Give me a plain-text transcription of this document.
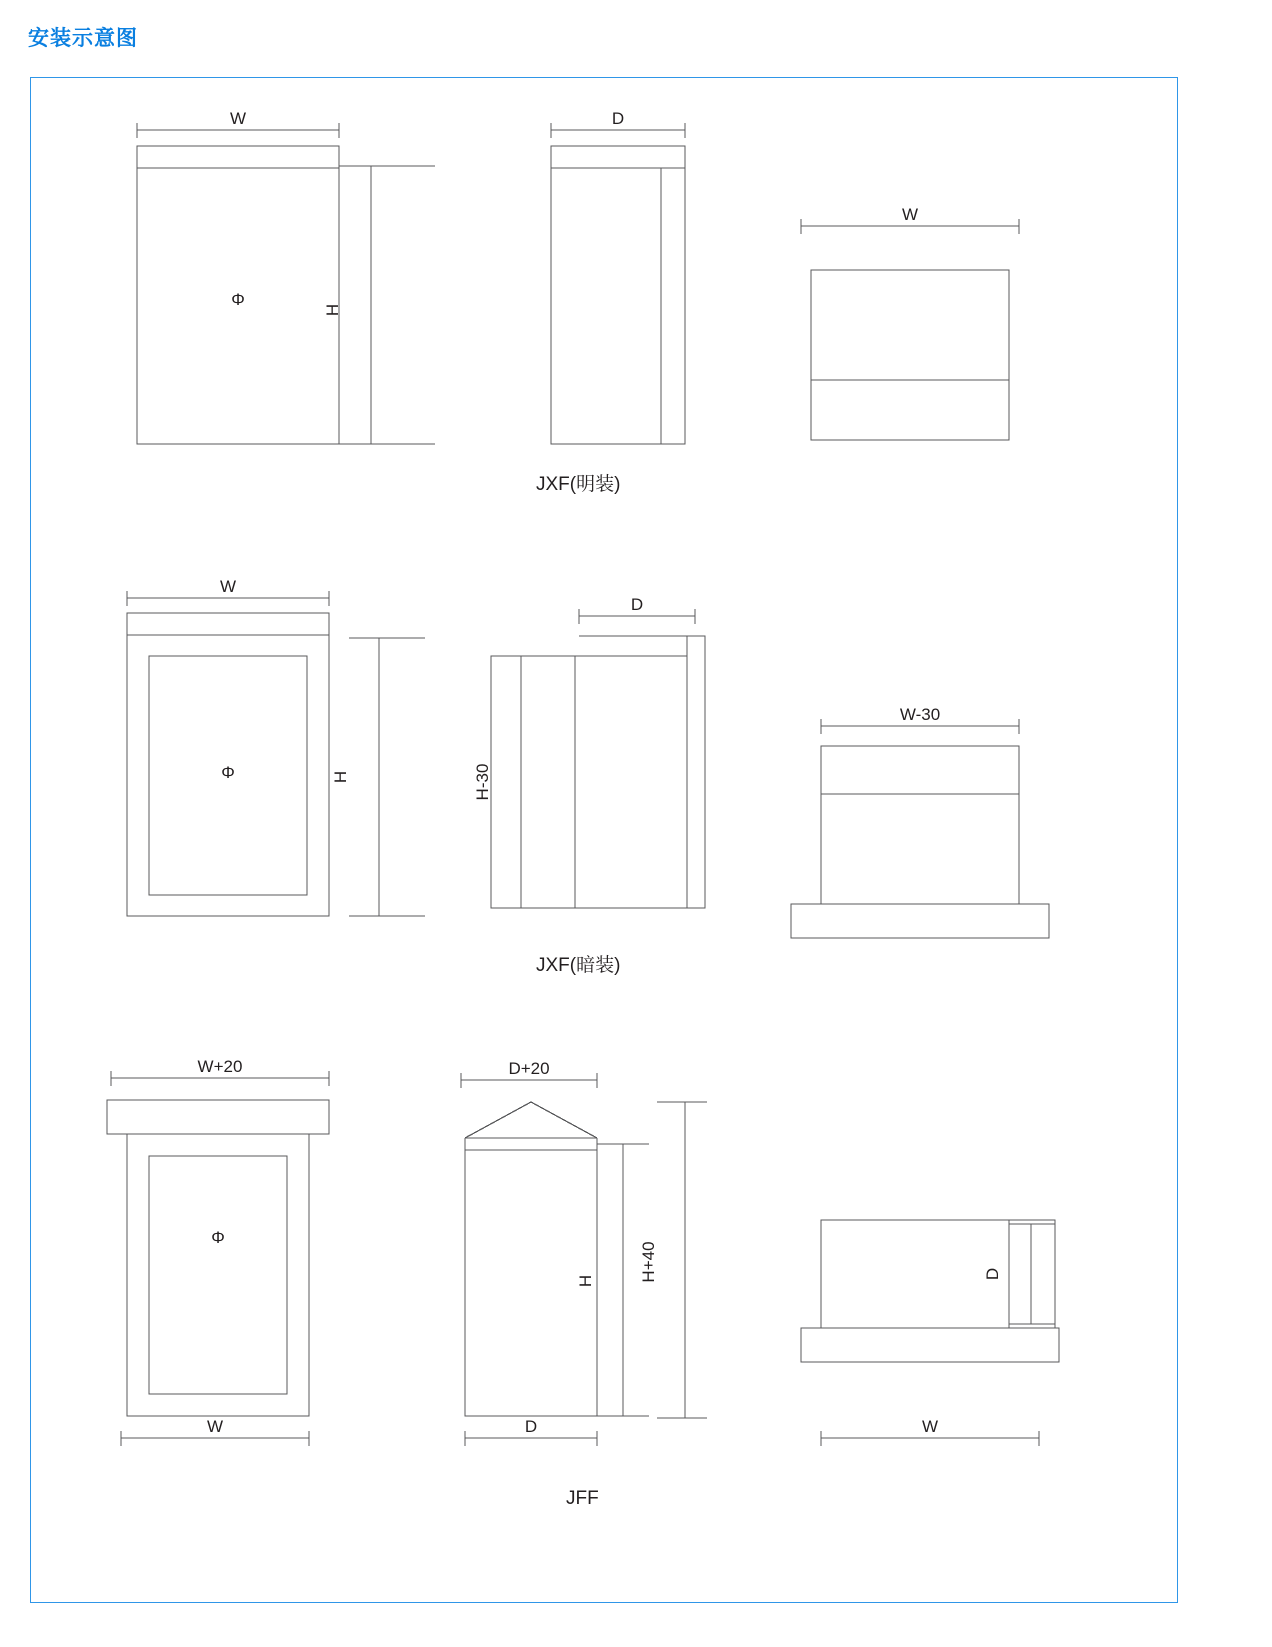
安装示意图
W
H
Φ
D
W
W
H
Φ
D
H-30
W-30
W+20
Φ
W
D+20
H	H+40
D
D
W
JXF(明装)
JXF(暗装)
JFF
